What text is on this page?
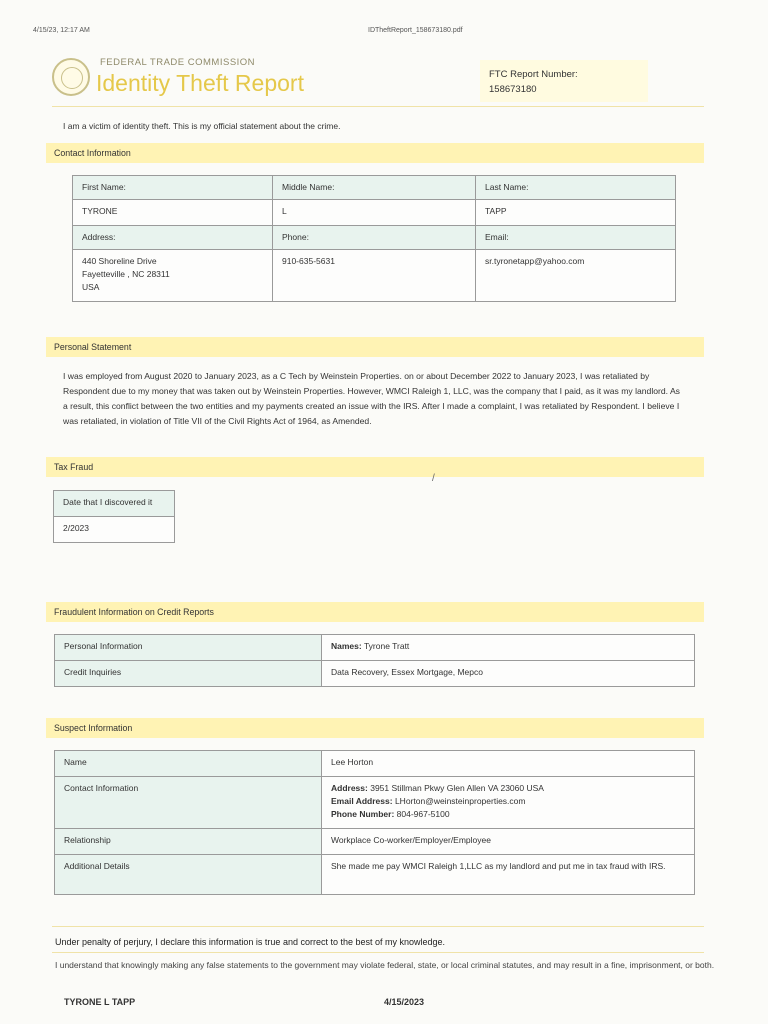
4/15/23, 12:17 AM	IDTheftReport_158673180.pdf
FEDERAL TRADE COMMISSION
Identity Theft Report	FTC Report Number:
158673180
I am a victim of identity theft. This is my official statement about the crime.
Contact Information
First Name:	Middle Name:	Last Name:
TYRONE	L	TAPP
Address:	Phone:	Email:

440 Shoreline Drive
Fayetteville , NC 28311
USA	910-635-5631	sr.tyronetapp@yahoo.com
Personal Statement
I was employed from August 2020 to January 2023, as a C Tech by Weinstein Properties. on or about December 2022 to January 2023, I was retaliated by Respondent due to my money that was taken out by Weinstein Properties. However, WMCI Raleigh 1, LLC, was the company that I paid, as it was my landlord. As a result, this conflict between the two entities and my payments created an issue with the IRS. After I made a complaint, I was retaliated by Respondent. I believe I was retaliated, in violation of Title VII of the Civil Rights Act of 1964, as Amended.
Tax Fraud
/
Date that I discovered it
2/2023
Fraudulent Information on Credit Reports
Personal Information	Names: Tyrone Tratt
Credit Inquiries	Data Recovery, Essex Mortgage, Mepco
Suspect Information
Name	Lee Horton
Contact Information	Address: 3951 Stillman Pkwy Glen Allen VA 23060 USA
Email Address: LHorton@weinsteinproperties.com
Phone Number: 804-967-5100

Relationship	Workplace Co-worker/Employer/Employee
Additional Details	She made me pay WMCI Raleigh 1,LLC as my landlord and put me in tax fraud with IRS.
Under penalty of perjury, I declare this information is true and correct to the best of my knowledge.
I understand that knowingly making any false statements to the government may violate federal, state, or local criminal statutes, and may result in a fine, imprisonment, or both.
TYRONE L TAPP	4/15/2023
